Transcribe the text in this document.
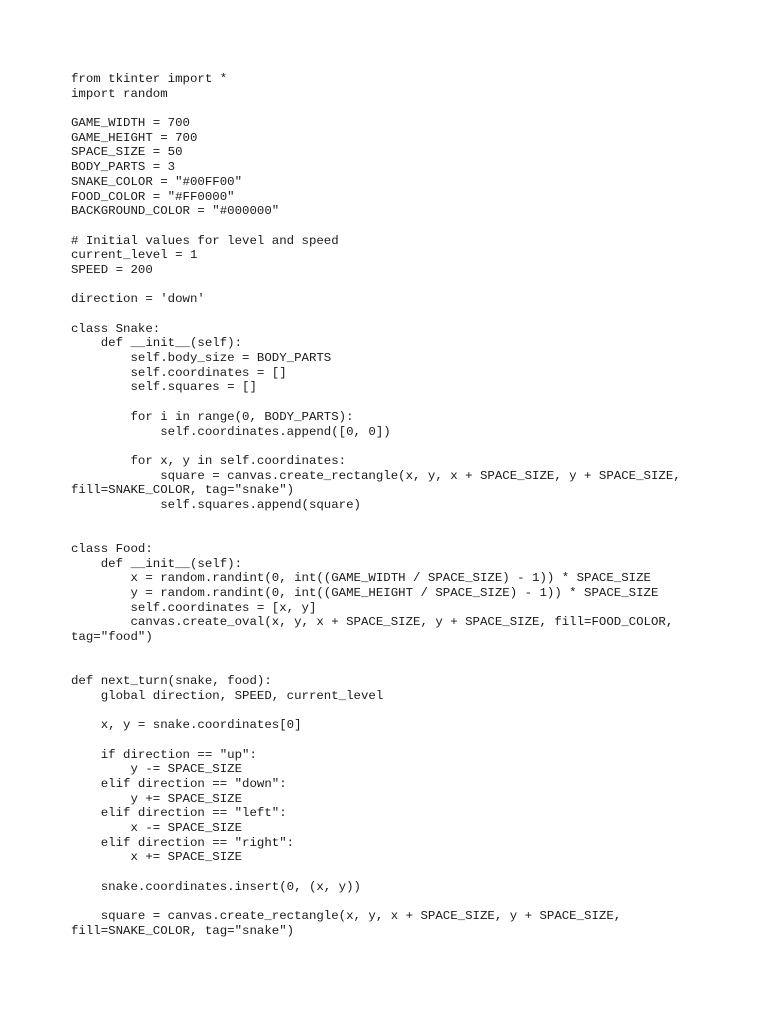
from tkinter import *
import random
GAME_WIDTH = 700
GAME_HEIGHT = 700
SPACE_SIZE = 50
BODY_PARTS = 3
SNAKE_COLOR = "#00FF00"
FOOD_COLOR = "#FF0000"
BACKGROUND_COLOR = "#000000"
# Initial values for level and speed
current_level = 1
SPEED = 200
direction = 'down'
class Snake:
def __init__(self):
self.body_size = BODY_PARTS
self.coordinates = []
self.squares = []
for i in range(0, BODY_PARTS):
self.coordinates.append([0, 0])
for x, y in self.coordinates:
square = canvas.create_rectangle(x, y, x + SPACE_SIZE, y + SPACE_SIZE,
fill=SNAKE_COLOR, tag="snake")
self.squares.append(square)
class Food:
def __init__(self):
x = random.randint(0, int((GAME_WIDTH / SPACE_SIZE) - 1)) * SPACE_SIZE
y = random.randint(0, int((GAME_HEIGHT / SPACE_SIZE) - 1)) * SPACE_SIZE
self.coordinates = [x, y]
canvas.create_oval(x, y, x + SPACE_SIZE, y + SPACE_SIZE, fill=FOOD_COLOR,
tag="food")
def next_turn(snake, food):
global direction, SPEED, current_level
x, y = snake.coordinates[0]
if direction == "up":
y -= SPACE_SIZE
elif direction == "down":
y += SPACE_SIZE
elif direction == "left":
x -= SPACE_SIZE
elif direction == "right":
x += SPACE_SIZE
snake.coordinates.insert(0, (x, y))
square = canvas.create_rectangle(x, y, x + SPACE_SIZE, y + SPACE_SIZE,
fill=SNAKE_COLOR, tag="snake")
